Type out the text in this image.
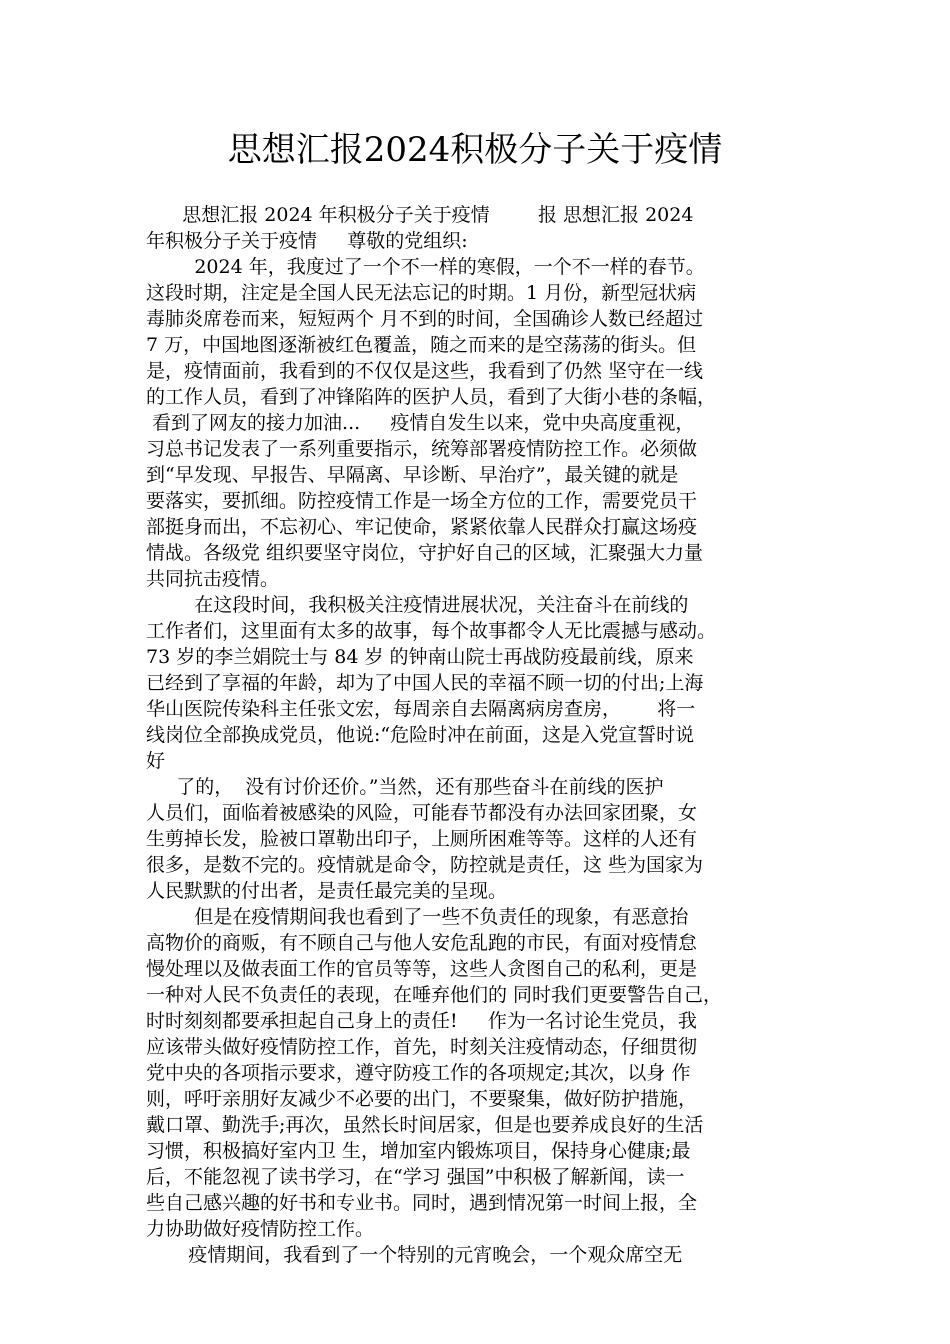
思想汇报2024积极分子关于疫情
思想汇报 2024 年积极分子关于疫情        报 思想汇报 2024
年积极分子关于疫情     尊敬的党组织:
2024 年，我度过了一个不一样的寒假，一个不一样的春节。
这段时期，注定是全国人民无法忘记的时期。1 月份，新型冠状病
毒肺炎席卷而来，短短两个 月不到的时间，全国确诊人数已经超过
7 万，中国地图逐渐被红色覆盖，随之而来的是空荡荡的街头。但
是，疫情面前，我看到的不仅仅是这些，我看到了仍然 坚守在一线
的工作人员，看到了冲锋陷阵的医护人员，看到了大街小巷的条幅，
看到了网友的接力加油...     疫情自发生以来，党中央高度重视，
习总书记发表了一系列重要指示，统筹部署疫情防控工作。必须做
到“早发现、早报告、早隔离、早诊断、早治疗”，最关键的就是
要落实，要抓细。防控疫情工作是一场全方位的工作，需要党员干
部挺身而出，不忘初心、牢记使命，紧紧依靠人民群众打赢这场疫
情战。各级党 组织要坚守岗位，守护好自己的区域，汇聚强大力量
共同抗击疫情。
在这段时间，我积极关注疫情进展状况，关注奋斗在前线的
工作者们，这里面有太多的故事，每个故事都令人无比震撼与感动。
73 岁的李兰娟院士与 84 岁 的钟南山院士再战防疫最前线，原来
已经到了享福的年龄，却为了中国人民的幸福不顾一切的付出;上海
华山医院传染科主任张文宏，每周亲自去隔离病房查房，      将一
线岗位全部换成党员，他说:“危险时冲在前面，这是入党宣誓时说
好
了的，  没有讨价还价。”当然，还有那些奋斗在前线的医护
人员们，面临着被感染的风险，可能春节都没有办法回家团聚，女
生剪掉长发，脸被口罩勒出印子，上厕所困难等等。这样的人还有
很多，是数不完的。疫情就是命令，防控就是责任，这 些为国家为
人民默默的付出者，是责任最完美的呈现。
但是在疫情期间我也看到了一些不负责任的现象，有恶意抬
高物价的商贩，有不顾自己与他人安危乱跑的市民，有面对疫情怠
慢处理以及做表面工作的官员等等，这些人贪图自己的私利，更是
一种对人民不负责任的表现，在唾弃他们的 同时我们更要警告自己，
时时刻刻都要承担起自己身上的责任!     作为一名讨论生党员，我
应该带头做好疫情防控工作，首先，时刻关注疫情动态，仔细贯彻
党中央的各项指示要求，遵守防疫工作的各项规定;其次，以身 作
则，呼吁亲朋好友减少不必要的出门，不要聚集，做好防护措施，
戴口罩、勤洗手;再次，虽然长时间居家，但是也要养成良好的生活
习惯，积极搞好室内卫 生，增加室内锻炼项目，保持身心健康;最
后，不能忽视了读书学习，在“学习 强国”中积极了解新闻，读一
些自己感兴趣的好书和专业书。同时，遇到情况第一时间上报，全
力协助做好疫情防控工作。
疫情期间，我看到了一个特别的元宵晚会，一个观众席空无
